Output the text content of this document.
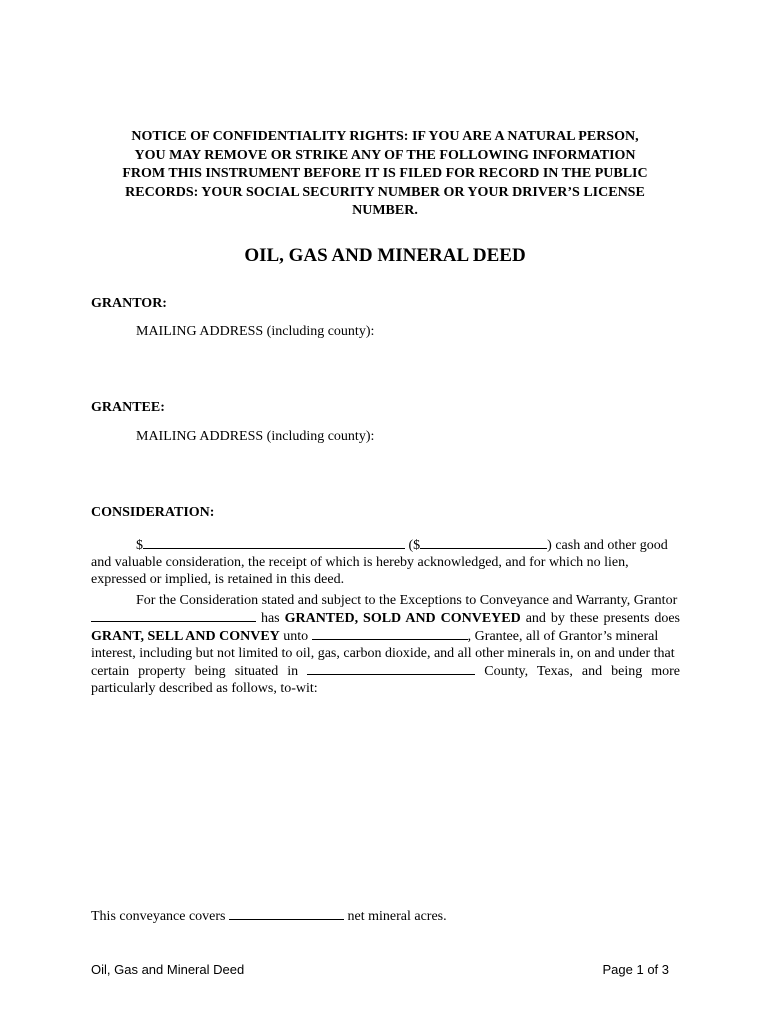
NOTICE OF CONFIDENTIALITY RIGHTS: IF YOU ARE A NATURAL PERSON,
YOU MAY REMOVE OR STRIKE ANY OF THE FOLLOWING INFORMATION
FROM THIS INSTRUMENT BEFORE IT IS FILED FOR RECORD IN THE PUBLIC
RECORDS: YOUR SOCIAL SECURITY NUMBER OR YOUR DRIVER’S LICENSE
NUMBER.
OIL, GAS AND MINERAL DEED
GRANTOR:
MAILING ADDRESS (including county):
GRANTEE:
MAILING ADDRESS (including county):
CONSIDERATION:
$	($	) cash and other good
and valuable consideration, the receipt of which is hereby acknowledged, and for which no lien,
expressed or implied, is retained in this deed.
For the Consideration stated and subject to the Exceptions to Conveyance and Warranty, Grantor
has GRANTED, SOLD AND CONVEYED and by these presents does
GRANT, SELL AND CONVEY unto	, Grantee, all of Grantor’s mineral
interest, including but not limited to oil, gas, carbon dioxide, and all other minerals in, on and under that
certain property being situated in	County, Texas, and being more
particularly described as follows, to-wit:
This conveyance covers	net mineral acres.
Oil, Gas and Mineral Deed	Page 1 of 3
